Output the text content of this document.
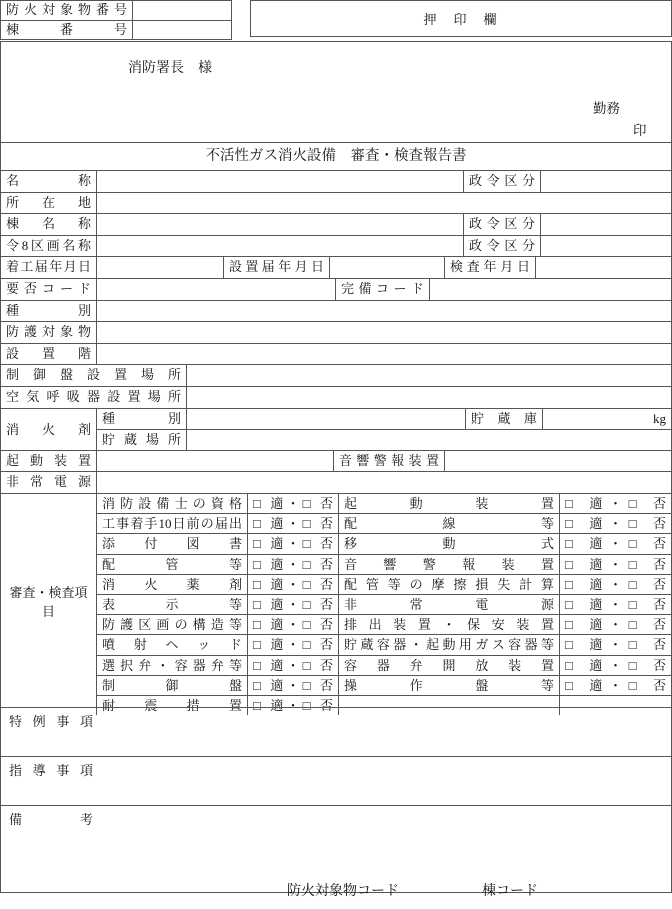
防火対象物番号
棟番号
押　印　欄
消防署長　様
勤務
印
不活性ガス消火設備　審査・検査報告書
名称	政令区分
所在地
棟名称	政令区分
令8区画名称	政令区分
着工届年月日	設置届年月日	検査年月日
要否コード	完備コード
種別
防護対象物
設置階
制御盤設置場所
空気呼吸器設置場所
消火剤
種別	貯蔵庫	kg
貯蔵場所
起動装置	音響警報装置
非常電源
審査・検査項目
消防設備士の資格 □ 適・□ 否 起動装置 □ 適・□ 否
工事着手10日前の届出 □ 適・□ 否 配線等 □ 適・□ 否
添付図書 □ 適・□ 否 移動式 □ 適・□ 否
配管等 □ 適・□ 否 音響警報装置 □ 適・□ 否
消火薬剤 □ 適・□ 否 配管等の摩擦損失計算 □ 適・□ 否
表示等 □ 適・□ 否 非常電源 □ 適・□ 否
防護区画の構造等 □ 適・□ 否 排出装置・保安装置 □ 適・□ 否
噴射ヘッド □ 適・□ 否 貯蔵容器・起動用ガス容器等 □ 適・□ 否
選択弁・容器弁等 □ 適・□ 否 容器弁開放装置 □ 適・□ 否
制御盤 □ 適・□ 否 操作盤等 □ 適・□ 否
耐震措置 □ 適・□ 否
特例事項
指導事項
備考
防火対象物コード	棟コード
